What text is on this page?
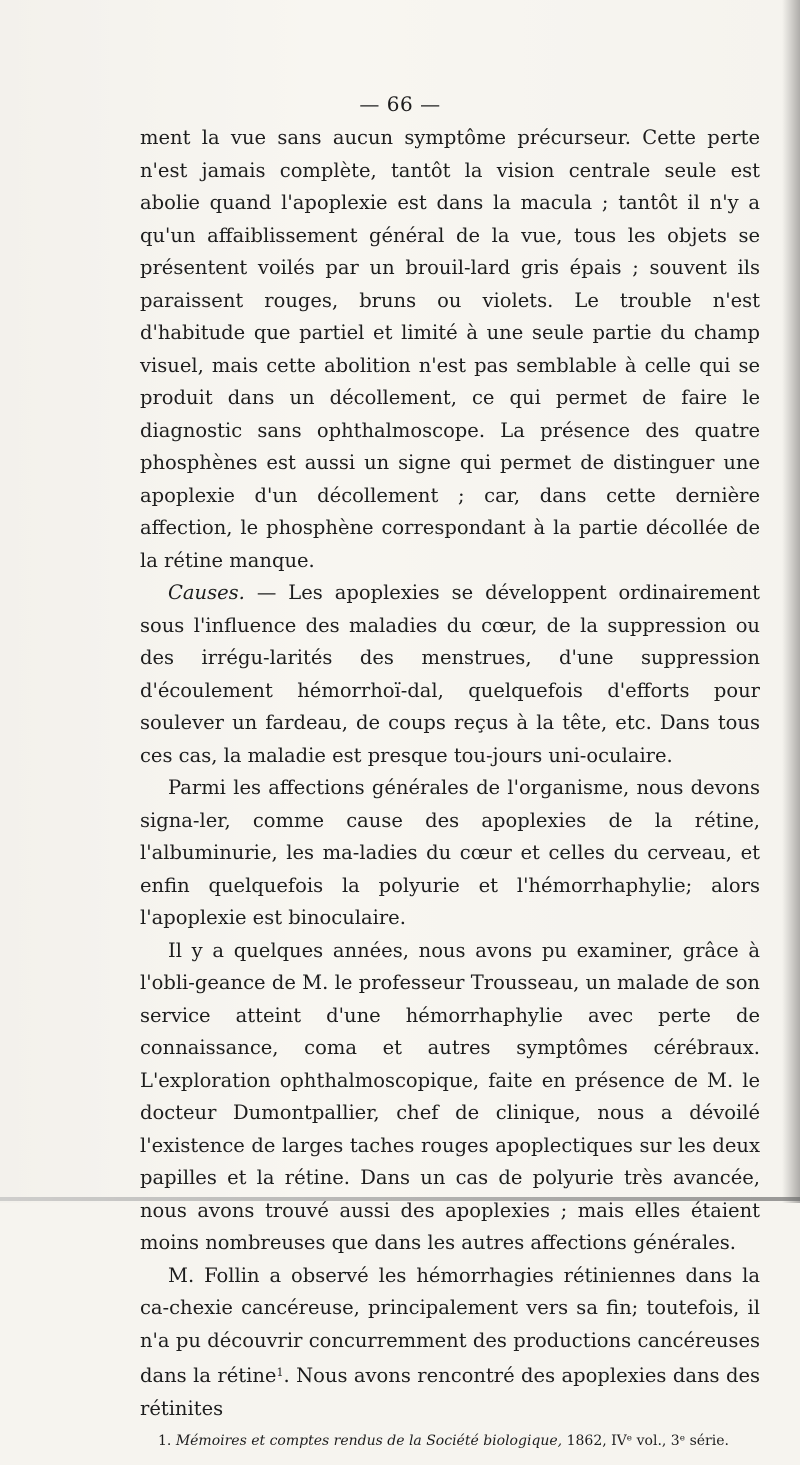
— 66 —

ment la vue sans aucun symptôme précurseur. Cette perte n'est jamais complète, tantôt la vision centrale seule est abolie quand l'apoplexie est dans la macula ; tantôt il n'y a qu'un affaiblissement général de la vue, tous les objets se présentent voilés par un brouil-lard gris épais ; souvent ils paraissent rouges, bruns ou violets. Le trouble n'est d'habitude que partiel et limité à une seule partie du champ visuel, mais cette abolition n'est pas semblable à celle qui se produit dans un décollement, ce qui permet de faire le diagnostic sans ophthalmoscope. La présence des quatre phosphènes est aussi un signe qui permet de distinguer une apoplexie d'un décollement ; car, dans cette dernière affection, le phosphène correspondant à la partie décollée de la rétine manque.

Causes. — Les apoplexies se développent ordinairement sous l'influence des maladies du cœur, de la suppression ou des irrégu-larités des menstrues, d'une suppression d'écoulement hémorrhoï-dal, quelquefois d'efforts pour soulever un fardeau, de coups reçus à la tête, etc. Dans tous ces cas, la maladie est presque tou-jours uni-oculaire.

Parmi les affections générales de l'organisme, nous devons signa-ler, comme cause des apoplexies de la rétine, l'albuminurie, les ma-ladies du cœur et celles du cerveau, et enfin quelquefois la polyurie et l'hémorrhaphylie; alors l'apoplexie est binoculaire.

Il y a quelques années, nous avons pu examiner, grâce à l'obli-geance de M. le professeur Trousseau, un malade de son service atteint d'une hémorrhaphylie avec perte de connaissance, coma et autres symptômes cérébraux. L'exploration ophthalmoscopique, faite en présence de M. le docteur Dumontpallier, chef de clinique, nous a dévoilé l'existence de larges taches rouges apoplectiques sur les deux papilles et la rétine. Dans un cas de polyurie très avancée, nous avons trouvé aussi des apoplexies ; mais elles étaient moins nombreuses que dans les autres affections générales.

M. Follin a observé les hémorrhagies rétiniennes dans la ca-chexie cancéreuse, principalement vers sa fin; toutefois, il n'a pu découvrir concurremment des productions cancéreuses dans la rétine$^1$. Nous avons rencontré des apoplexies dans des rétinites

1. Mémoires et comptes rendus de la Société biologique, 1862, IVᵉ vol., 3ᵉ série.
